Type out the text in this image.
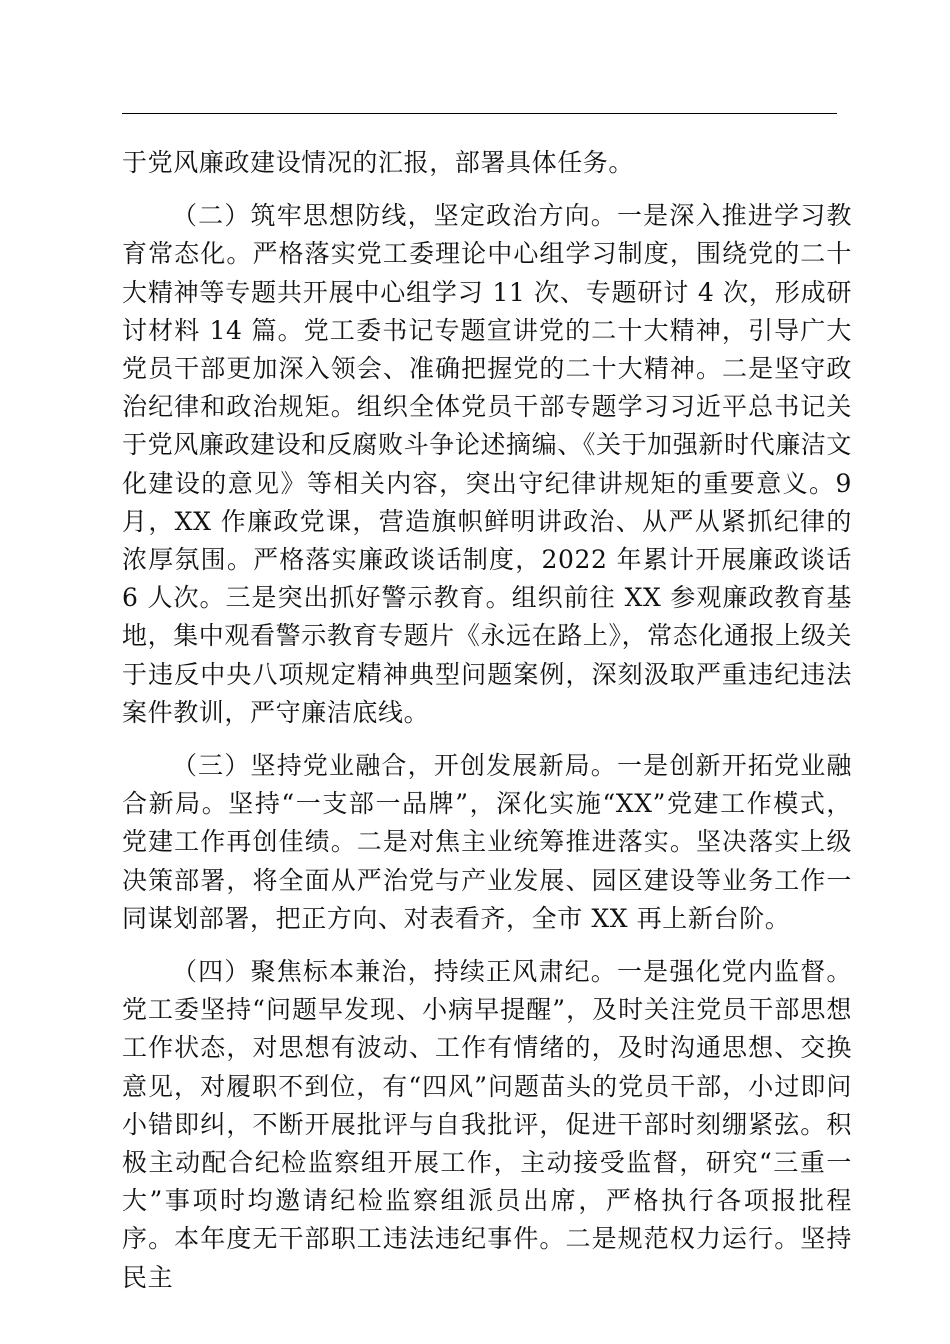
于党风廉政建设情况的汇报，部署具体任务。

（二）筑牢思想防线，坚定政治方向。一是深入推进学习教育常态化。严格落实党工委理论中心组学习制度，围绕党的二十大精神等专题共开展中心组学习 11 次、专题研讨 4 次，形成研讨材料 14 篇。党工委书记专题宣讲党的二十大精神，引导广大党员干部更加深入领会、准确把握党的二十大精神。二是坚守政治纪律和政治规矩。组织全体党员干部专题学习习近平总书记关于党风廉政建设和反腐败斗争论述摘编、《关于加强新时代廉洁文化建设的意见》等相关内容，突出守纪律讲规矩的重要意义。9 月，XX 作廉政党课，营造旗帜鲜明讲政治、从严从紧抓纪律的浓厚氛围。严格落实廉政谈话制度，2022 年累计开展廉政谈话 6 人次。三是突出抓好警示教育。组织前往 XX 参观廉政教育基地，集中观看警示教育专题片《永远在路上》，常态化通报上级关于违反中央八项规定精神典型问题案例，深刻汲取严重违纪违法案件教训，严守廉洁底线。

（三）坚持党业融合，开创发展新局。一是创新开拓党业融合新局。坚持“一支部一品牌”，深化实施“XX”党建工作模式，党建工作再创佳绩。二是对焦主业统筹推进落实。坚决落实上级决策部署，将全面从严治党与产业发展、园区建设等业务工作一同谋划部署，把正方向、对表看齐，全市 XX 再上新台阶。

（四）聚焦标本兼治，持续正风肃纪。一是强化党内监督。党工委坚持“问题早发现、小病早提醒”，及时关注党员干部思想工作状态，对思想有波动、工作有情绪的，及时沟通思想、交换意见，对履职不到位，有“四风”问题苗头的党员干部，小过即问小错即纠，不断开展批评与自我批评，促进干部时刻绷紧弦。积极主动配合纪检监察组开展工作，主动接受监督，研究“三重一大”事项时均邀请纪检监察组派员出席，严格执行各项报批程序。本年度无干部职工违法违纪事件。二是规范权力运行。坚持民主
